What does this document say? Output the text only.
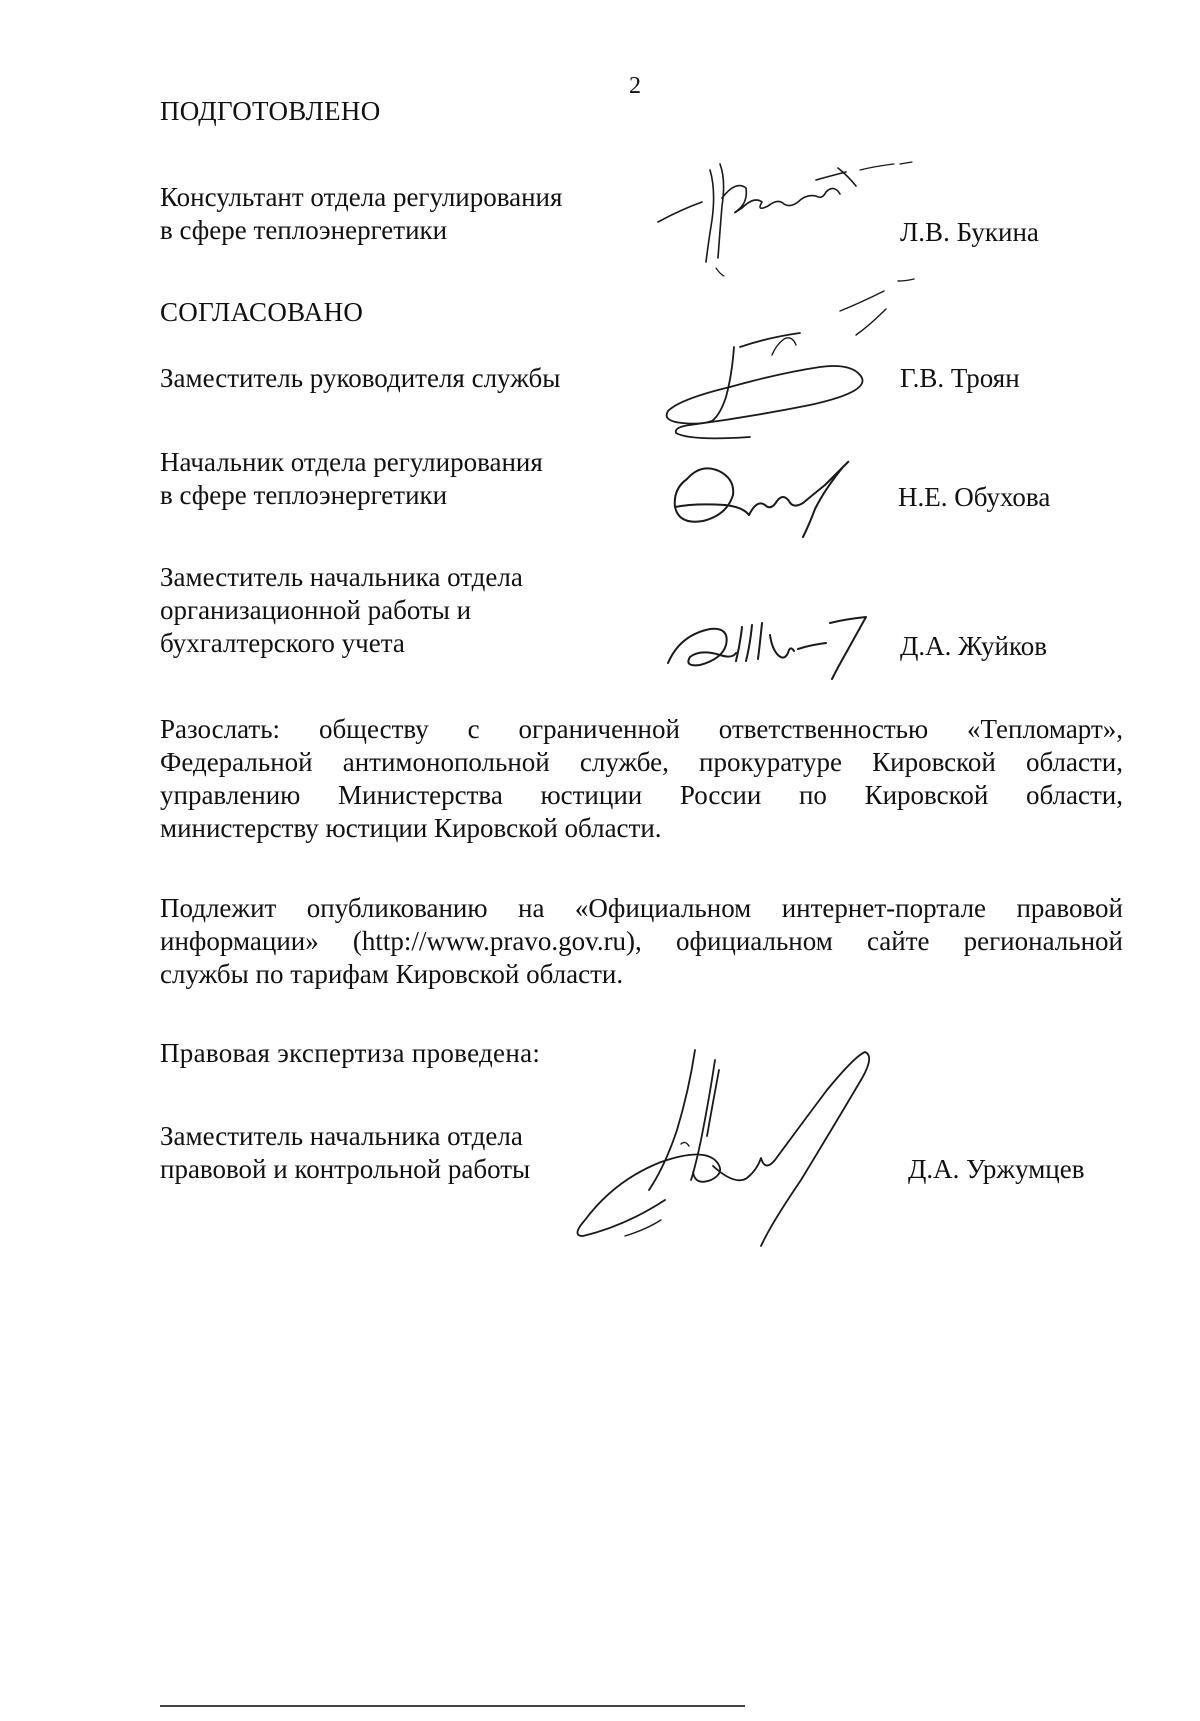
2
ПОДГОТОВЛЕНО
Консультант отдела регулирования
в сфере теплоэнергетики	Л.В. Букина
СОГЛАСОВАНО
Заместитель руководителя службы	Г.В. Троян
Начальник отдела регулирования
в сфере теплоэнергетики	Н.Е. Обухова
Заместитель начальника отдела
организационной работы и
бухгалтерского учета	Д.А. Жуйков
Разослать: обществу с ограниченной ответственностью «Тепломарт»,
Федеральной антимонопольной службе, прокуратуре Кировской области,
управлению Министерства юстиции России по Кировской области,
министерству юстиции Кировской области.
Подлежит опубликованию на «Официальном интернет-портале правовой
информации» (http://www.pravo.gov.ru), официальном сайте региональной
службы по тарифам Кировской области.
Правовая экспертиза проведена:
Заместитель начальника отдела
правовой и контрольной работы	Д.А. Уржумцев
